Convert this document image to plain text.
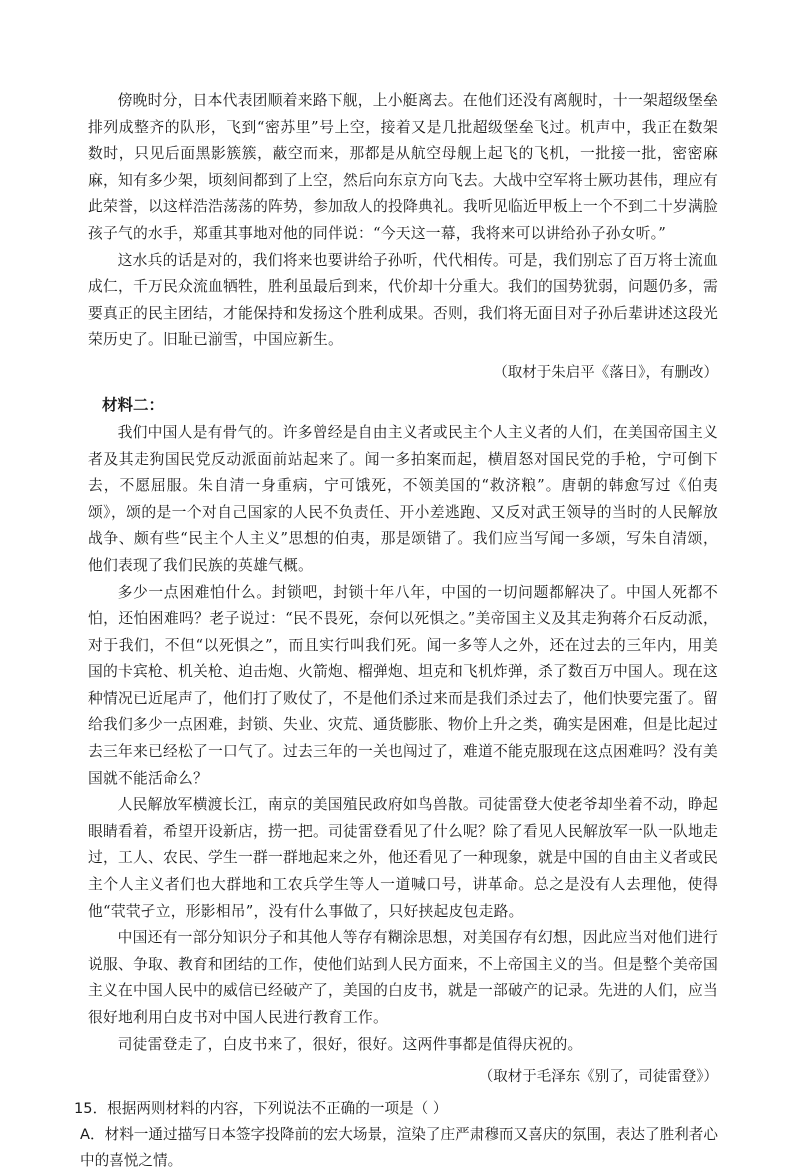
傍晚时分，日本代表团顺着来路下舰，上小艇离去。在他们还没有离舰时，十一架超级堡垒排列成整齐的队形，飞到“密苏里”号上空，接着又是几批超级堡垒飞过。机声中，我正在数架数时，只见后面黑影簇簇，蔽空而来，那都是从航空母舰上起飞的飞机，一批接一批，密密麻麻，知有多少架，顷刻间都到了上空，然后向东京方向飞去。大战中空军将士厥功甚伟，理应有此荣誉，以这样浩浩荡荡的阵势，参加敌人的投降典礼。我听见临近甲板上一个不到二十岁满脸孩子气的水手，郑重其事地对他的同伴说：“今天这一幕，我将来可以讲给孙子孙女听。”

这水兵的话是对的，我们将来也要讲给子孙听，代代相传。可是，我们别忘了百万将士流血成仁，千万民众流血牺牲，胜利虽最后到来，代价却十分重大。我们的国势犹弱，问题仍多，需要真正的民主团结，才能保持和发扬这个胜利成果。否则，我们将无面目对子孙后辈讲述这段光荣历史了。旧耻已湔雪，中国应新生。

（取材于朱启平《落日》，有删改）

材料二：

我们中国人是有骨气的。许多曾经是自由主义者或民主个人主义者的人们，在美国帝国主义者及其走狗国民党反动派面前站起来了。闻一多拍案而起，横眉怒对国民党的手枪，宁可倒下去，不愿屈服。朱自清一身重病，宁可饿死，不领美国的“救济粮”。唐朝的韩愈写过《伯夷颂》，颂的是一个对自己国家的人民不负责任、开小差逃跑、又反对武王领导的当时的人民解放战争、颇有些“民主个人主义”思想的伯夷，那是颂错了。我们应当写闻一多颂，写朱自清颂，他们表现了我们民族的英雄气概。

多少一点困难怕什么。封锁吧，封锁十年八年，中国的一切问题都解决了。中国人死都不怕，还怕困难吗？老子说过：“民不畏死，奈何以死惧之。”美帝国主义及其走狗蒋介石反动派，对于我们，不但“以死惧之”，而且实行叫我们死。闻一多等人之外，还在过去的三年内，用美国的卡宾枪、机关枪、迫击炮、火箭炮、榴弹炮、坦克和飞机炸弹，杀了数百万中国人。现在这种情况已近尾声了，他们打了败仗了，不是他们杀过来而是我们杀过去了，他们快要完蛋了。留给我们多少一点困难，封锁、失业、灾荒、通货膨胀、物价上升之类，确实是困难，但是比起过去三年来已经松了一口气了。过去三年的一关也闯过了，难道不能克服现在这点困难吗？没有美国就不能活命么？

人民解放军横渡长江，南京的美国殖民政府如鸟兽散。司徒雷登大使老爷却坐着不动，睁起眼睛看着，希望开设新店，捞一把。司徒雷登看见了什么呢？除了看见人民解放军一队一队地走过，工人、农民、学生一群一群地起来之外，他还看见了一种现象，就是中国的自由主义者或民主个人主义者们也大群地和工农兵学生等人一道喊口号，讲革命。总之是没有人去理他，使得他“茕茕孑立，形影相吊”，没有什么事做了，只好挟起皮包走路。

中国还有一部分知识分子和其他人等存有糊涂思想，对美国存有幻想，因此应当对他们进行说服、争取、教育和团结的工作，使他们站到人民方面来，不上帝国主义的当。但是整个美帝国主义在中国人民中的威信已经破产了，美国的白皮书，就是一部破产的记录。先进的人们，应当很好地利用白皮书对中国人民进行教育工作。

司徒雷登走了，白皮书来了，很好，很好。这两件事都是值得庆祝的。

（取材于毛泽东《别了，司徒雷登》）

15．根据两则材料的内容，下列说法不正确的一项是（ ）

A．材料一通过描写日本签字投降前的宏大场景，渲染了庄严肃穆而又喜庆的氛围，表达了胜利者心中的喜悦之情。
